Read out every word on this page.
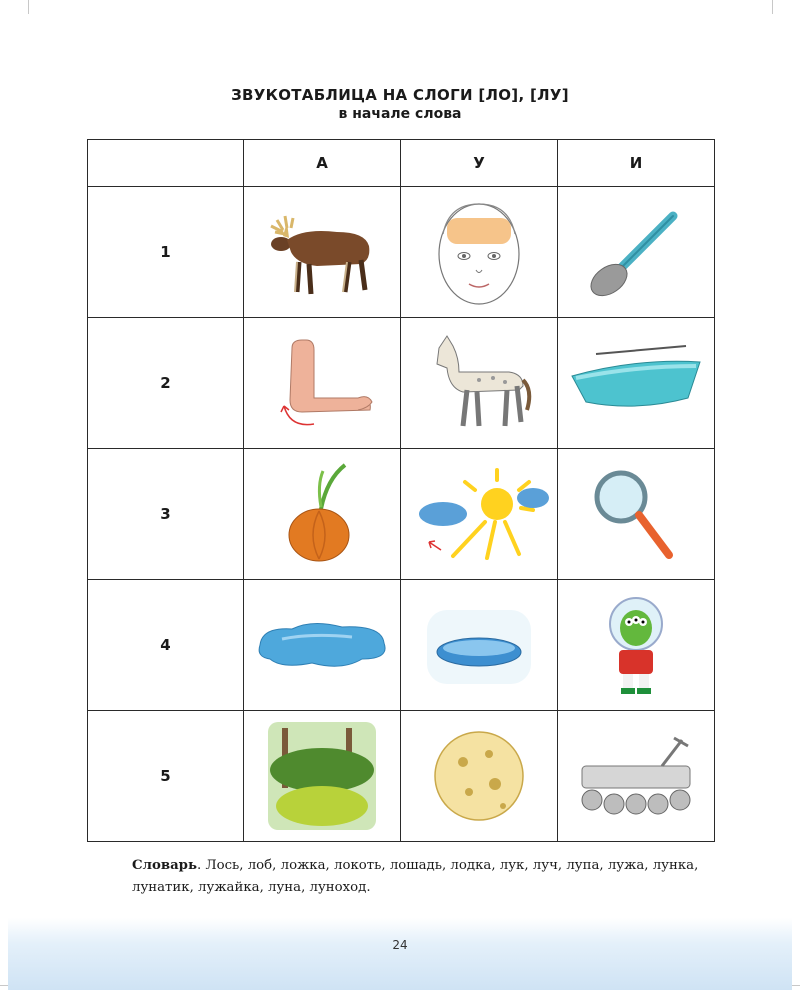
ЗВУКОТАБЛИЦА НА СЛОГИ [ЛО], [ЛУ]
в начале слова
	А	У	И
1	

2	

3	

4	

5	

Словарь. Лось, лоб, ложка, локоть, лошадь, лодка, лук, луч, лупа, лужа, лунка, лунатик, лужайка, луна, луноход.
24
